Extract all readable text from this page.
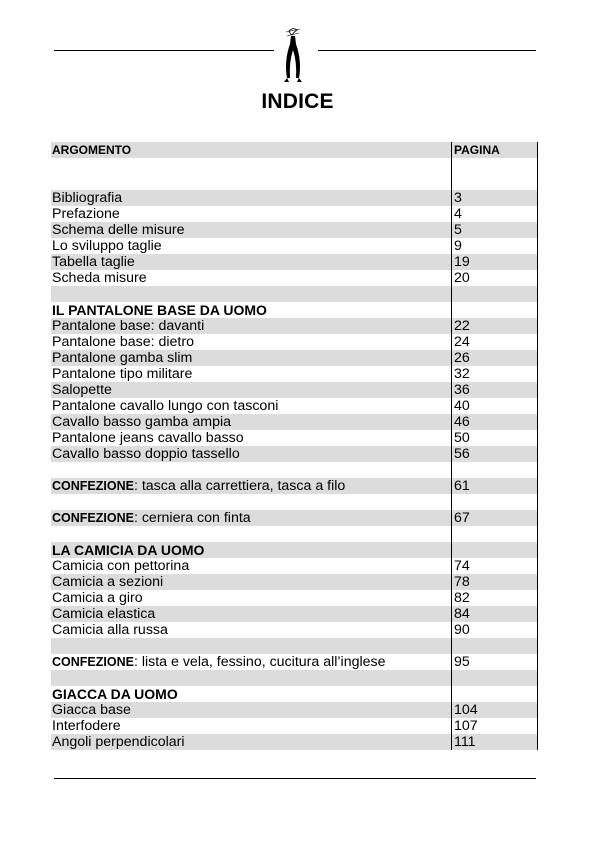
INDICE
ARGOMENTO	PAGINA
Bibliografia	3
Prefazione	4
Schema delle misure	5
Lo sviluppo taglie	9
Tabella taglie	19
Scheda misure	20
IL PANTALONE BASE DA UOMO
Pantalone base: davanti	22
Pantalone base: dietro	24
Pantalone gamba slim	26
Pantalone tipo militare	32
Salopette	36
Pantalone cavallo lungo con tasconi	40
Cavallo basso gamba ampia	46
Pantalone jeans cavallo basso	50
Cavallo basso doppio tassello	56
CONFEZIONE: tasca alla carrettiera, tasca a filo	61
CONFEZIONE: cerniera con finta	67
LA CAMICIA DA UOMO
Camicia con pettorina	74
Camicia a sezioni	78
Camicia a giro	82
Camicia elastica	84
Camicia alla russa	90
CONFEZIONE: lista e vela, fessino, cucitura all’inglese	95
GIACCA DA UOMO
Giacca base	104
Interfodere	107
Angoli perpendicolari	111
